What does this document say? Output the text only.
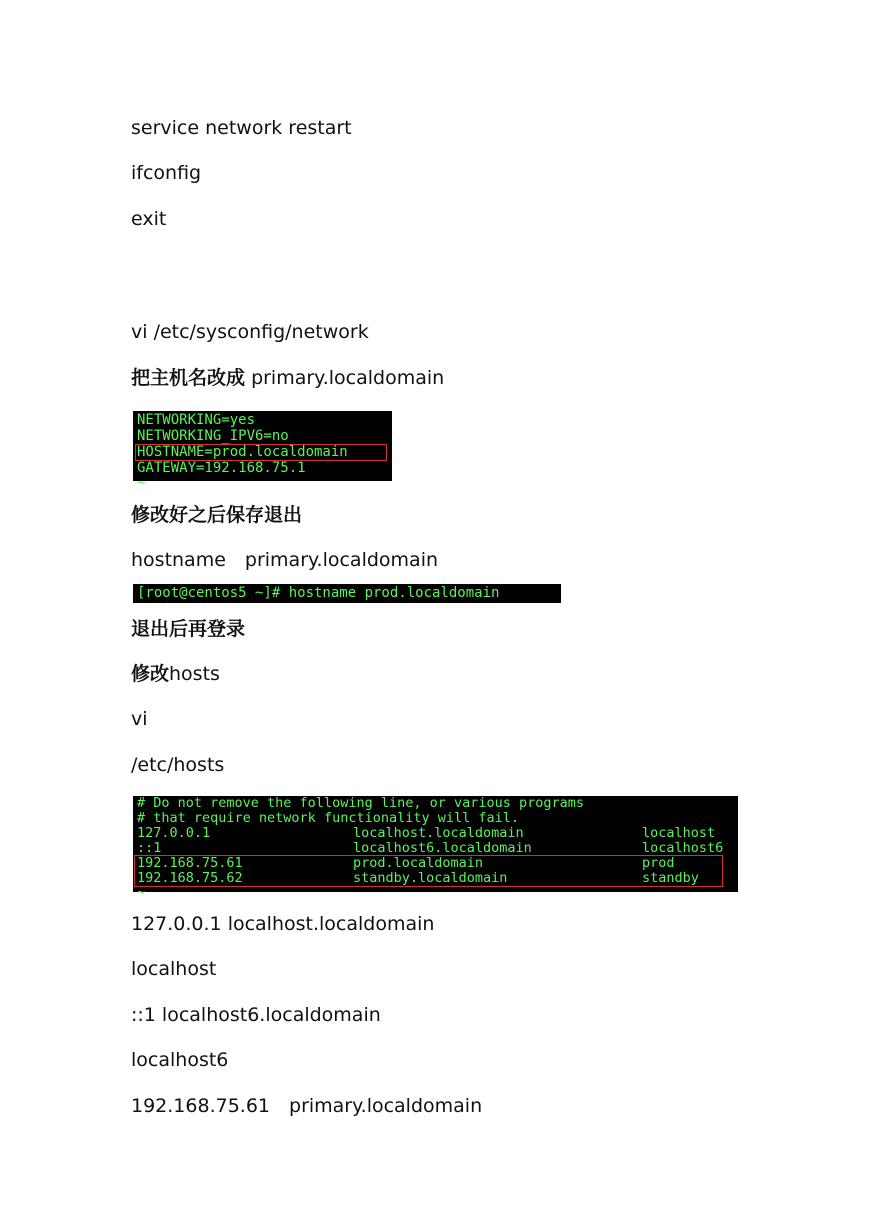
service network restart
ifconfig
exit
vi /etc/sysconfig/network
把主机名改成 primary.localdomain
NETWORKING=yes
NETWORKING_IPV6=no
HOSTNAME=prod.localdomain
GATEWAY=192.168.75.1
~
修改好之后保存退出
hostname　primary.localdomain
[root@centos5 ~]# hostname prod.localdomain
退出后再登录
修改hosts
vi
/etc/hosts
# Do not remove the following line, or various programs
# that require network functionality will fail.
127.0.0.1	localhost.localdomain	localhost
::1	localhost6.localdomain	localhost6
192.168.75.61	prod.localdomain	prod
192.168.75.62	standby.localdomain	standby
~
127.0.0.1 localhost.localdomain
localhost
::1 localhost6.localdomain
localhost6
192.168.75.61　primary.localdomain
